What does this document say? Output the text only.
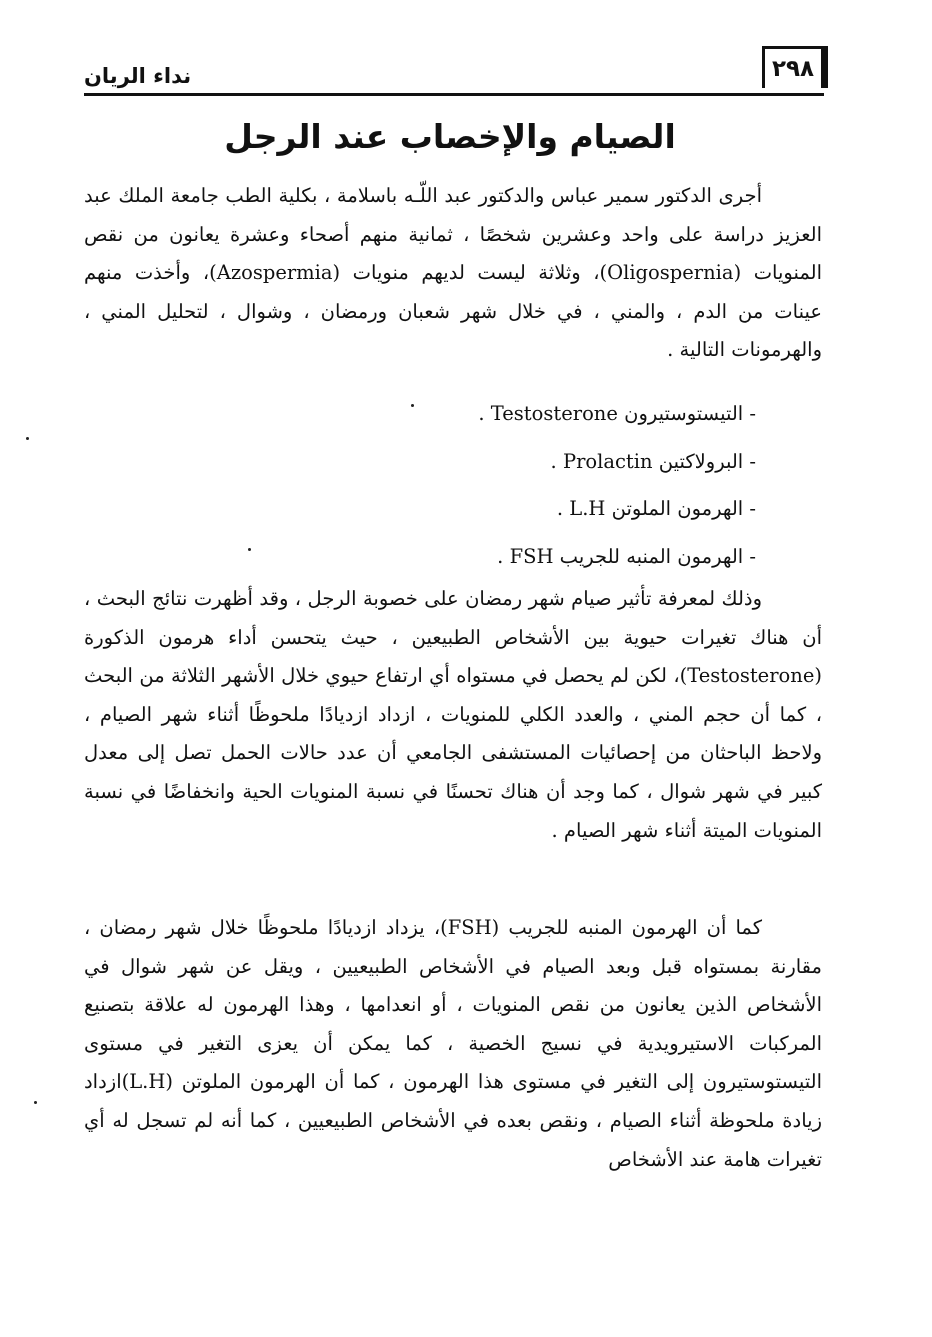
نداء الريان	٢٩٨
الصيام والإخصاب عند الرجل

أجرى الدكتور سمير عباس والدكتور عبد اللّـه باسلامة ، بكلية الطب جامعة الملك عبد العزيز دراسة على واحد وعشرين شخصًا ، ثمانية منهم أصحاء وعشرة يعانون من نقص المنويات (Oligospernia)، وثلاثة ليست لديهم منويات (Azospermia)، وأخذت منهم عينات من الدم ، والمني ، في خلال شهر شعبان ورمضان ، وشوال ، لتحليل المني ، والهرمونات التالية .

- التيستوستيرون Testosterone .
- البرولاكتين Prolactin .
- الهرمون الملوتن L.H .
- الهرمون المنبه للجريب FSH .

وذلك لمعرفة تأثير صيام شهر رمضان على خصوبة الرجل ، وقد أظهرت نتائج البحث ، أن هناك تغيرات حيوية بين الأشخاص الطبيعين ، حيث يتحسن أداء هرمون الذكورة (Testosterone)، لكن لم يحصل في مستواه أي ارتفاع حيوي خلال الأشهر الثلاثة من البحث ، كما أن حجم المني ، والعدد الكلي للمنويات ، ازداد ازديادًا ملحوظًا أثناء شهر الصيام ، ولاحظ الباحثان من إحصائيات المستشفى الجامعي أن عدد حالات الحمل تصل إلى معدل كبير في شهر شوال ، كما وجد أن هناك تحسنًا في نسبة المنويات الحية وانخفاضًا في نسبة المنويات الميتة أثناء شهر الصيام .

كما أن الهرمون المنبه للجريب (FSH)، يزداد ازديادًا ملحوظًا خلال شهر رمضان ، مقارنة بمستواه قبل وبعد الصيام في الأشخاص الطبيعيين ، ويقل عن شهر شوال في الأشخاص الذين يعانون من نقص المنويات ، أو انعدامها ، وهذا الهرمون له علاقة بتصنيع المركبات الاستيرويدية في نسيج الخصية ، كما يمكن أن يعزى التغير في مستوى التيستوستيرون إلى التغير في مستوى هذا الهرمون ، كما أن الهرمون الملوتن (L.H)ازداد زيادة ملحوظة أثناء الصيام ، ونقص بعده في الأشخاص الطبيعيين ، كما أنه لم تسجل له أي تغيرات هامة عند الأشخاص
